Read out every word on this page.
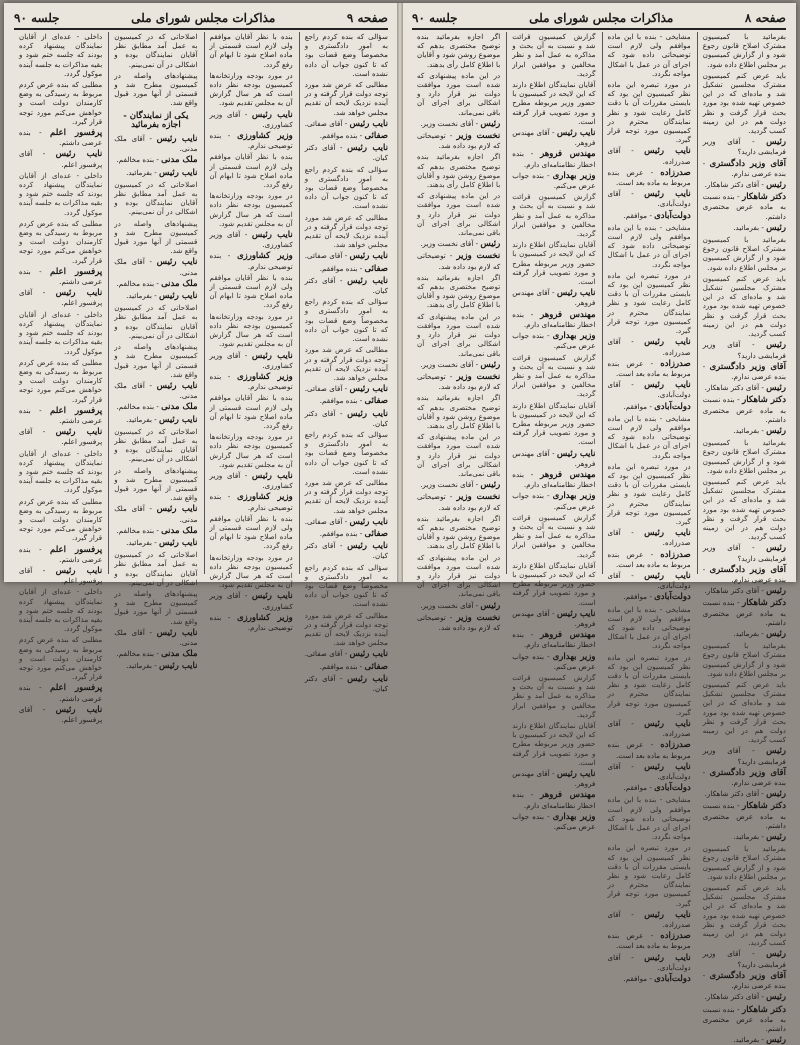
صفحه ۹
مذاکرات مجلس شورای ملی
جلسه ۹۰

سؤالی که بنده کردم راجع به امور دادگستری و مخصوصاً وضع قضات بود که تا کنون جواب آن داده نشده است.

مطالبی که عرض شد مورد توجه دولت قرار گرفته و در آینده نزدیک لایحه آن تقدیم مجلس خواهد شد.

نایب رئیس - آقای صفائی.

صفائی - بنده موافقم.

نایب رئیس - آقای دکتر کیان.

سؤالی که بنده کردم راجع به امور دادگستری و مخصوصاً وضع قضات بود که تا کنون جواب آن داده نشده است.

مطالبی که عرض شد مورد توجه دولت قرار گرفته و در آینده نزدیک لایحه آن تقدیم مجلس خواهد شد.

نایب رئیس - آقای صفائی.

صفائی - بنده موافقم.

نایب رئیس - آقای دکتر کیان.

سؤالی که بنده کردم راجع به امور دادگستری و مخصوصاً وضع قضات بود که تا کنون جواب آن داده نشده است.

مطالبی که عرض شد مورد توجه دولت قرار گرفته و در آینده نزدیک لایحه آن تقدیم مجلس خواهد شد.

نایب رئیس - آقای صفائی.

صفائی - بنده موافقم.

نایب رئیس - آقای دکتر کیان.

سؤالی که بنده کردم راجع به امور دادگستری و مخصوصاً وضع قضات بود که تا کنون جواب آن داده نشده است.

مطالبی که عرض شد مورد توجه دولت قرار گرفته و در آینده نزدیک لایحه آن تقدیم مجلس خواهد شد.

نایب رئیس - آقای صفائی.

صفائی - بنده موافقم.

نایب رئیس - آقای دکتر کیان.

سؤالی که بنده کردم راجع به امور دادگستری و مخصوصاً وضع قضات بود که تا کنون جواب آن داده نشده است.

مطالبی که عرض شد مورد توجه دولت قرار گرفته و در آینده نزدیک لایحه آن تقدیم مجلس خواهد شد.

نایب رئیس - آقای صفائی.

صفائی - بنده موافقم.

نایب رئیس - آقای دکتر کیان.

بنده با نظر آقایان موافقم ولی لازم است قسمتی از ماده اصلاح شود تا ابهام آن رفع گردد.

در مورد بودجه وزارتخانه‌ها کمیسیون بودجه نظر داده است که هر سال گزارش آن به مجلس تقدیم شود.

نایب رئیس - آقای وزیر کشاورزی.

وزیر کشاورزی - بنده توضیحی ندارم.

بنده با نظر آقایان موافقم ولی لازم است قسمتی از ماده اصلاح شود تا ابهام آن رفع گردد.

در مورد بودجه وزارتخانه‌ها کمیسیون بودجه نظر داده است که هر سال گزارش آن به مجلس تقدیم شود.

نایب رئیس - آقای وزیر کشاورزی.

وزیر کشاورزی - بنده توضیحی ندارم.

بنده با نظر آقایان موافقم ولی لازم است قسمتی از ماده اصلاح شود تا ابهام آن رفع گردد.

در مورد بودجه وزارتخانه‌ها کمیسیون بودجه نظر داده است که هر سال گزارش آن به مجلس تقدیم شود.

نایب رئیس - آقای وزیر کشاورزی.

وزیر کشاورزی - بنده توضیحی ندارم.

بنده با نظر آقایان موافقم ولی لازم است قسمتی از ماده اصلاح شود تا ابهام آن رفع گردد.

در مورد بودجه وزارتخانه‌ها کمیسیون بودجه نظر داده است که هر سال گزارش آن به مجلس تقدیم شود.

نایب رئیس - آقای وزیر کشاورزی.

وزیر کشاورزی - بنده توضیحی ندارم.

بنده با نظر آقایان موافقم ولی لازم است قسمتی از ماده اصلاح شود تا ابهام آن رفع گردد.

در مورد بودجه وزارتخانه‌ها کمیسیون بودجه نظر داده است که هر سال گزارش آن به مجلس تقدیم شود.

نایب رئیس - آقای وزیر کشاورزی.

وزیر کشاورزی - بنده توضیحی ندارم.

اصلاحاتی که در کمیسیون به عمل آمد مطابق نظر آقایان نمایندگان بوده و اشکالی در آن نمی‌بینم.

پیشنهادهای واصله در کمیسیون مطرح شد و قسمتی از آنها مورد قبول واقع شد.

یکی از نمایندگان - اجازه بفرمائید

نایب رئیس - آقای ملک مدنی.

ملک مدنی - بنده مخالفم.

نایب رئیس - بفرمائید.

اصلاحاتی که در کمیسیون به عمل آمد مطابق نظر آقایان نمایندگان بوده و اشکالی در آن نمی‌بینم.

پیشنهادهای واصله در کمیسیون مطرح شد و قسمتی از آنها مورد قبول واقع شد.

نایب رئیس - آقای ملک مدنی.

ملک مدنی - بنده مخالفم.

نایب رئیس - بفرمائید.

اصلاحاتی که در کمیسیون به عمل آمد مطابق نظر آقایان نمایندگان بوده و اشکالی در آن نمی‌بینم.

پیشنهادهای واصله در کمیسیون مطرح شد و قسمتی از آنها مورد قبول واقع شد.

نایب رئیس - آقای ملک مدنی.

ملک مدنی - بنده مخالفم.

نایب رئیس - بفرمائید.

اصلاحاتی که در کمیسیون به عمل آمد مطابق نظر آقایان نمایندگان بوده و اشکالی در آن نمی‌بینم.

پیشنهادهای واصله در کمیسیون مطرح شد و قسمتی از آنها مورد قبول واقع شد.

نایب رئیس - آقای ملک مدنی.

ملک مدنی - بنده مخالفم.

نایب رئیس - بفرمائید.

اصلاحاتی که در کمیسیون به عمل آمد مطابق نظر آقایان نمایندگان بوده و اشکالی در آن نمی‌بینم.

پیشنهادهای واصله در کمیسیون مطرح شد و قسمتی از آنها مورد قبول واقع شد.

نایب رئیس - آقای ملک مدنی.

ملک مدنی - بنده مخالفم.

نایب رئیس - بفرمائید.

داخلی - عده‌ای از آقایان نمایندگان پیشنهاد کرده بودند که جلسه ختم شود و بقیه مذاکرات به جلسه آینده موکول گردد.

مطلبی که بنده عرض کردم مربوط به رسیدگی به وضع کارمندان دولت است و خواهش می‌کنم مورد توجه قرار گیرد.

پرفسور اعلم - بنده عرضی داشتم.

نایب رئیس - آقای پرفسور اعلم.

داخلی - عده‌ای از آقایان نمایندگان پیشنهاد کرده بودند که جلسه ختم شود و بقیه مذاکرات به جلسه آینده موکول گردد.

مطلبی که بنده عرض کردم مربوط به رسیدگی به وضع کارمندان دولت است و خواهش می‌کنم مورد توجه قرار گیرد.

پرفسور اعلم - بنده عرضی داشتم.

نایب رئیس - آقای پرفسور اعلم.

داخلی - عده‌ای از آقایان نمایندگان پیشنهاد کرده بودند که جلسه ختم شود و بقیه مذاکرات به جلسه آینده موکول گردد.

مطلبی که بنده عرض کردم مربوط به رسیدگی به وضع کارمندان دولت است و خواهش می‌کنم مورد توجه قرار گیرد.

پرفسور اعلم - بنده عرضی داشتم.

نایب رئیس - آقای پرفسور اعلم.

داخلی - عده‌ای از آقایان نمایندگان پیشنهاد کرده بودند که جلسه ختم شود و بقیه مذاکرات به جلسه آینده موکول گردد.

مطلبی که بنده عرض کردم مربوط به رسیدگی به وضع کارمندان دولت است و خواهش می‌کنم مورد توجه قرار گیرد.

پرفسور اعلم - بنده عرضی داشتم.

نایب رئیس - آقای پرفسور اعلم.

داخلی - عده‌ای از آقایان نمایندگان پیشنهاد کرده بودند که جلسه ختم شود و بقیه مذاکرات به جلسه آینده موکول گردد.

مطلبی که بنده عرض کردم مربوط به رسیدگی به وضع کارمندان دولت است و خواهش می‌کنم مورد توجه قرار گیرد.

پرفسور اعلم - بنده عرضی داشتم.

نایب رئیس - آقای پرفسور اعلم.

صفحه ۸
مذاکرات مجلس شورای ملی
جلسه ۹۰

بفرمائید با کمیسیون مشترک اصلاح قانون رجوع شود و از گزارش کمیسیون بر مجلس اطلاع داده شود.

باید عرض کنم کمیسیون مشترک مجلسین تشکیل شد و ماده‌ای که در این خصوص تهیه شده بود مورد بحث قرار گرفت و نظر دولت هم در این زمینه کسب گردید.

رئیس - آقای وزیر فرمایشی دارید؟

آقای وزیر دادگستری - بنده عرضی ندارم.

رئیس - آقای دکتر شاهکار.

دکتر شاهکار - بنده نسبت به ماده عرض مختصری داشتم.

رئیس - بفرمائید.

بفرمائید با کمیسیون مشترک اصلاح قانون رجوع شود و از گزارش کمیسیون بر مجلس اطلاع داده شود.

باید عرض کنم کمیسیون مشترک مجلسین تشکیل شد و ماده‌ای که در این خصوص تهیه شده بود مورد بحث قرار گرفت و نظر دولت هم در این زمینه کسب گردید.

رئیس - آقای وزیر فرمایشی دارید؟

آقای وزیر دادگستری - بنده عرضی ندارم.

رئیس - آقای دکتر شاهکار.

دکتر شاهکار - بنده نسبت به ماده عرض مختصری داشتم.

رئیس - بفرمائید.

بفرمائید با کمیسیون مشترک اصلاح قانون رجوع شود و از گزارش کمیسیون بر مجلس اطلاع داده شود.

باید عرض کنم کمیسیون مشترک مجلسین تشکیل شد و ماده‌ای که در این خصوص تهیه شده بود مورد بحث قرار گرفت و نظر دولت هم در این زمینه کسب گردید.

رئیس - آقای وزیر فرمایشی دارید؟

آقای وزیر دادگستری - بنده عرضی ندارم.

رئیس - آقای دکتر شاهکار.

دکتر شاهکار - بنده نسبت به ماده عرض مختصری داشتم.

رئیس - بفرمائید.

بفرمائید با کمیسیون مشترک اصلاح قانون رجوع شود و از گزارش کمیسیون بر مجلس اطلاع داده شود.

باید عرض کنم کمیسیون مشترک مجلسین تشکیل شد و ماده‌ای که در این خصوص تهیه شده بود مورد بحث قرار گرفت و نظر دولت هم در این زمینه کسب گردید.

رئیس - آقای وزیر فرمایشی دارید؟

آقای وزیر دادگستری - بنده عرضی ندارم.

رئیس - آقای دکتر شاهکار.

دکتر شاهکار - بنده نسبت به ماده عرض مختصری داشتم.

رئیس - بفرمائید.

بفرمائید با کمیسیون مشترک اصلاح قانون رجوع شود و از گزارش کمیسیون بر مجلس اطلاع داده شود.

باید عرض کنم کمیسیون مشترک مجلسین تشکیل شد و ماده‌ای که در این خصوص تهیه شده بود مورد بحث قرار گرفت و نظر دولت هم در این زمینه کسب گردید.

رئیس - آقای وزیر فرمایشی دارید؟

آقای وزیر دادگستری - بنده عرضی ندارم.

رئیس - آقای دکتر شاهکار.

دکتر شاهکار - بنده نسبت به ماده عرض مختصری داشتم.

رئیس - بفرمائید.

مشایخی - بنده با این ماده موافقم ولی لازم است توضیحاتی داده شود که اجرای آن در عمل با اشکال مواجه نگردد.

در مورد تبصره این ماده نظر کمیسیون این بود که بایستی مقررات آن با دقت کامل رعایت شود و نظر نمایندگان محترم در کمیسیون مورد توجه قرار گیرد.

نایب رئیس - آقای صدرزاده.

صدرزاده - عرض بنده مربوط به ماده بعد است.

نایب رئیس - آقای دولت‌آبادی.

دولت‌آبادی - موافقم.

مشایخی - بنده با این ماده موافقم ولی لازم است توضیحاتی داده شود که اجرای آن در عمل با اشکال مواجه نگردد.

در مورد تبصره این ماده نظر کمیسیون این بود که بایستی مقررات آن با دقت کامل رعایت شود و نظر نمایندگان محترم در کمیسیون مورد توجه قرار گیرد.

نایب رئیس - آقای صدرزاده.

صدرزاده - عرض بنده مربوط به ماده بعد است.

نایب رئیس - آقای دولت‌آبادی.

دولت‌آبادی - موافقم.

مشایخی - بنده با این ماده موافقم ولی لازم است توضیحاتی داده شود که اجرای آن در عمل با اشکال مواجه نگردد.

در مورد تبصره این ماده نظر کمیسیون این بود که بایستی مقررات آن با دقت کامل رعایت شود و نظر نمایندگان محترم در کمیسیون مورد توجه قرار گیرد.

نایب رئیس - آقای صدرزاده.

صدرزاده - عرض بنده مربوط به ماده بعد است.

نایب رئیس - آقای دولت‌آبادی.

دولت‌آبادی - موافقم.

مشایخی - بنده با این ماده موافقم ولی لازم است توضیحاتی داده شود که اجرای آن در عمل با اشکال مواجه نگردد.

در مورد تبصره این ماده نظر کمیسیون این بود که بایستی مقررات آن با دقت کامل رعایت شود و نظر نمایندگان محترم در کمیسیون مورد توجه قرار گیرد.

نایب رئیس - آقای صدرزاده.

صدرزاده - عرض بنده مربوط به ماده بعد است.

نایب رئیس - آقای دولت‌آبادی.

دولت‌آبادی - موافقم.

مشایخی - بنده با این ماده موافقم ولی لازم است توضیحاتی داده شود که اجرای آن در عمل با اشکال مواجه نگردد.

در مورد تبصره این ماده نظر کمیسیون این بود که بایستی مقررات آن با دقت کامل رعایت شود و نظر نمایندگان محترم در کمیسیون مورد توجه قرار گیرد.

نایب رئیس - آقای صدرزاده.

صدرزاده - عرض بنده مربوط به ماده بعد است.

نایب رئیس - آقای دولت‌آبادی.

دولت‌آبادی - موافقم.

گزارش کمیسیون قرائت شد و نسبت به آن بحث و مذاکره به عمل آمد و نظر مخالفین و موافقین ابراز گردید.

آقایان نمایندگان اطلاع دارند که این لایحه در کمیسیون با حضور وزیر مربوطه مطرح و مورد تصویب قرار گرفته است.

نایب رئیس - آقای مهندس فروهر.

مهندس فروهر - بنده اخطار نظامنامه‌ای دارم.

وزیر بهداری - بنده جواب عرض می‌کنم.

گزارش کمیسیون قرائت شد و نسبت به آن بحث و مذاکره به عمل آمد و نظر مخالفین و موافقین ابراز گردید.

آقایان نمایندگان اطلاع دارند که این لایحه در کمیسیون با حضور وزیر مربوطه مطرح و مورد تصویب قرار گرفته است.

نایب رئیس - آقای مهندس فروهر.

مهندس فروهر - بنده اخطار نظامنامه‌ای دارم.

وزیر بهداری - بنده جواب عرض می‌کنم.

گزارش کمیسیون قرائت شد و نسبت به آن بحث و مذاکره به عمل آمد و نظر مخالفین و موافقین ابراز گردید.

آقایان نمایندگان اطلاع دارند که این لایحه در کمیسیون با حضور وزیر مربوطه مطرح و مورد تصویب قرار گرفته است.

نایب رئیس - آقای مهندس فروهر.

مهندس فروهر - بنده اخطار نظامنامه‌ای دارم.

وزیر بهداری - بنده جواب عرض می‌کنم.

گزارش کمیسیون قرائت شد و نسبت به آن بحث و مذاکره به عمل آمد و نظر مخالفین و موافقین ابراز گردید.

آقایان نمایندگان اطلاع دارند که این لایحه در کمیسیون با حضور وزیر مربوطه مطرح و مورد تصویب قرار گرفته است.

نایب رئیس - آقای مهندس فروهر.

مهندس فروهر - بنده اخطار نظامنامه‌ای دارم.

وزیر بهداری - بنده جواب عرض می‌کنم.

گزارش کمیسیون قرائت شد و نسبت به آن بحث و مذاکره به عمل آمد و نظر مخالفین و موافقین ابراز گردید.

آقایان نمایندگان اطلاع دارند که این لایحه در کمیسیون با حضور وزیر مربوطه مطرح و مورد تصویب قرار گرفته است.

نایب رئیس - آقای مهندس فروهر.

مهندس فروهر - بنده اخطار نظامنامه‌ای دارم.

وزیر بهداری - بنده جواب عرض می‌کنم.

اگر اجازه بفرمائید بنده توضیح مختصری بدهم که موضوع روشن شود و آقایان با اطلاع کامل رأی بدهند.

در این ماده پیشنهادی که شده است مورد موافقت دولت نیز قرار دارد و اشکالی برای اجرای آن باقی نمی‌ماند.

رئیس - آقای نخست وزیر.

نخست وزیر - توضیحاتی که لازم بود داده شد.

اگر اجازه بفرمائید بنده توضیح مختصری بدهم که موضوع روشن شود و آقایان با اطلاع کامل رأی بدهند.

در این ماده پیشنهادی که شده است مورد موافقت دولت نیز قرار دارد و اشکالی برای اجرای آن باقی نمی‌ماند.

رئیس - آقای نخست وزیر.

نخست وزیر - توضیحاتی که لازم بود داده شد.

اگر اجازه بفرمائید بنده توضیح مختصری بدهم که موضوع روشن شود و آقایان با اطلاع کامل رأی بدهند.

در این ماده پیشنهادی که شده است مورد موافقت دولت نیز قرار دارد و اشکالی برای اجرای آن باقی نمی‌ماند.

رئیس - آقای نخست وزیر.

نخست وزیر - توضیحاتی که لازم بود داده شد.

اگر اجازه بفرمائید بنده توضیح مختصری بدهم که موضوع روشن شود و آقایان با اطلاع کامل رأی بدهند.

در این ماده پیشنهادی که شده است مورد موافقت دولت نیز قرار دارد و اشکالی برای اجرای آن باقی نمی‌ماند.

رئیس - آقای نخست وزیر.

نخست وزیر - توضیحاتی که لازم بود داده شد.

اگر اجازه بفرمائید بنده توضیح مختصری بدهم که موضوع روشن شود و آقایان با اطلاع کامل رأی بدهند.

در این ماده پیشنهادی که شده است مورد موافقت دولت نیز قرار دارد و اشکالی برای اجرای آن باقی نمی‌ماند.

رئیس - آقای نخست وزیر.

نخست وزیر - توضیحاتی که لازم بود داده شد.
